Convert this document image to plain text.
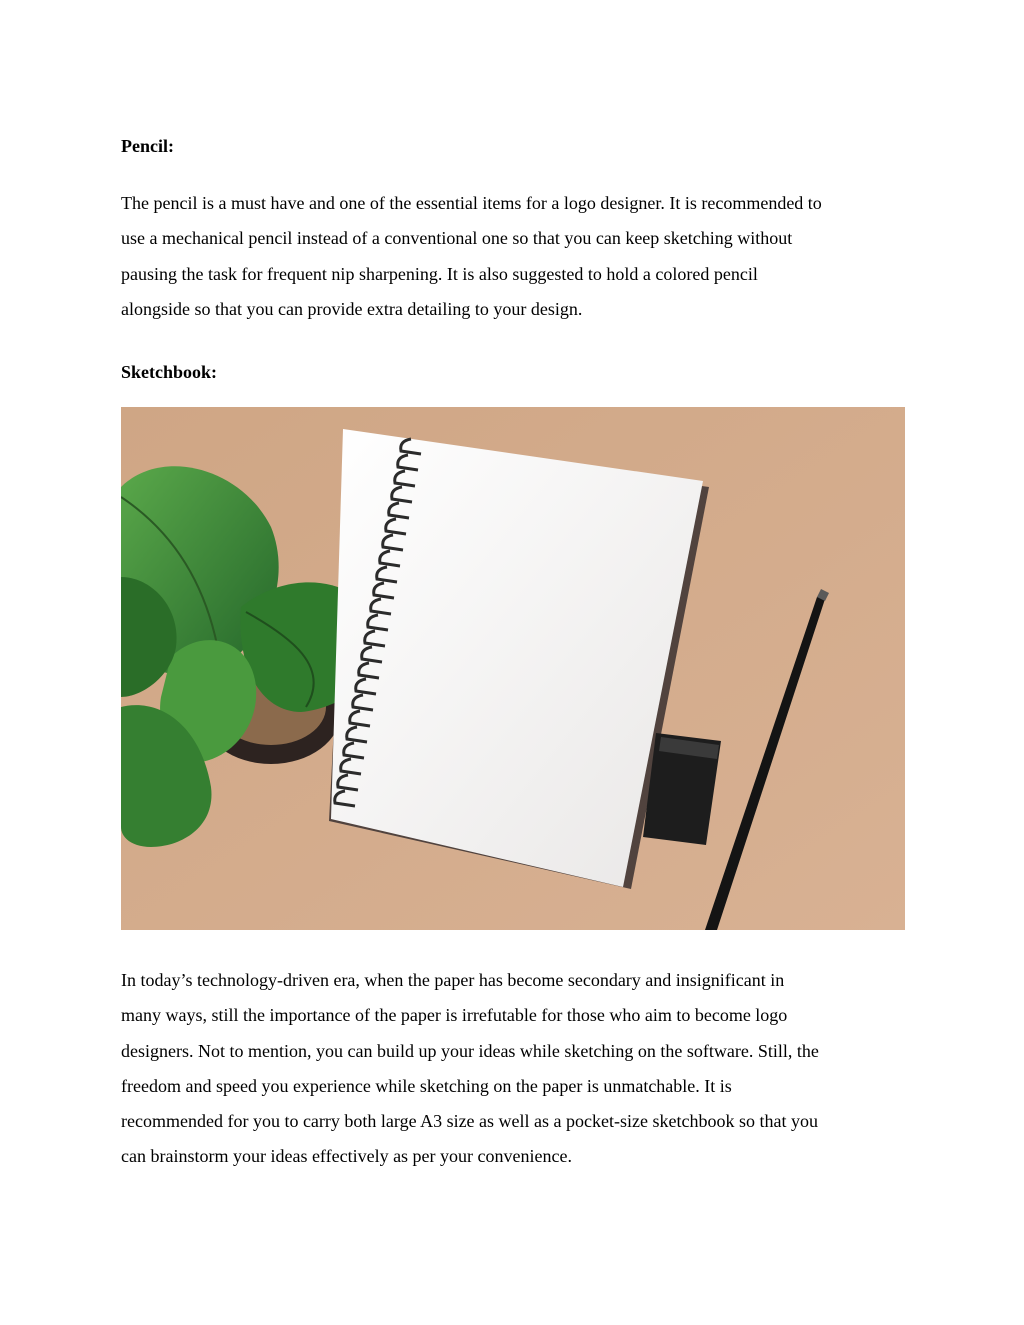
Pencil:
The pencil is a must have and one of the essential items for a logo designer. It is recommended to
use a mechanical pencil instead of a conventional one so that you can keep sketching without
pausing the task for frequent nip sharpening. It is also suggested to hold a colored pencil
alongside so that you can provide extra detailing to your design.
Sketchbook:
In today’s technology-driven era, when the paper has become secondary and insignificant in
many ways, still the importance of the paper is irrefutable for those who aim to become logo
designers. Not to mention, you can build up your ideas while sketching on the software. Still, the
freedom and speed you experience while sketching on the paper is unmatchable. It is
recommended for you to carry both large A3 size as well as a pocket-size sketchbook so that you
can brainstorm your ideas effectively as per your convenience.
